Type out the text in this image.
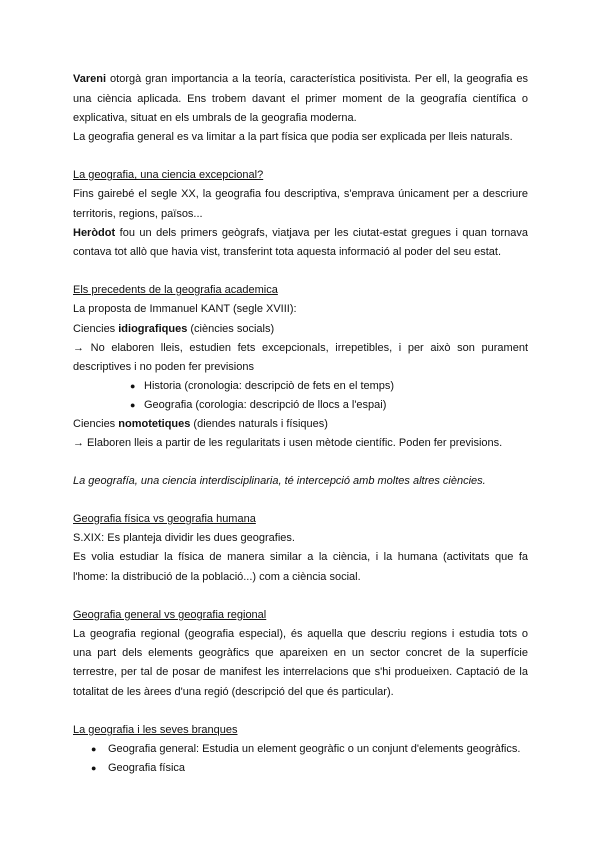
Vareni otorgà gran importancia a la teoría, característica positivista. Per ell, la geografia es
una ciència aplicada. Ens trobem davant el primer moment de la geografía científica o
explicativa, situat en els umbrals de la geografia moderna.
La geografia general es va limitar a la part física que podia ser explicada per lleis naturals.
La geografia, una ciencia excepcional?
Fins gairebé el segle XX, la geografia fou descriptiva, s'emprava únicament per a descriure
territoris, regions, països...
Heròdot fou un dels primers geògrafs, viatjava per les ciutat-estat gregues i quan tornava
contava tot allò que havia vist, transferint tota aquesta informació al poder del seu estat.
Els precedents de la geografia academica
La proposta de Immanuel KANT (segle XVIII):
Ciencies idiografiques (ciències socials)
→ No elaboren lleis, estudien fets excepcionals, irrepetibles, i per això son purament
descriptives i no poden fer previsions
● Historia (cronologia: descripciò de fets en el temps)
● Geografia (corologia: descripció de llocs a l'espai)
Ciencies nomotetiques (diendes naturals i físiques)
→ Elaboren lleis a partir de les regularitats i usen mètode científic. Poden fer previsions.
La geografía, una ciencia interdisciplinaria, té intercepció amb moltes altres ciències.
Geografia física vs geografia humana
S.XIX: Es planteja dividir les dues geografies.
Es volia estudiar la física de manera similar a la ciència, i la humana (activitats que fa
l'home: la distribució de la població...) com a ciència social.
Geografia general vs geografia regional
La geografia regional (geografia especial), és aquella que descriu regions i estudia tots o
una part dels elements geogràfics que apareixen en un sector concret de la superfície
terrestre, per tal de posar de manifest les interrelacions que s'hi produeixen. Captació de la
totalitat de les àrees d'una regió (descripció del que és particular).
La geografia i les seves branques
● Geografia general: Estudia un element geogràfic o un conjunt d'elements geogràfics.
● Geografia física
